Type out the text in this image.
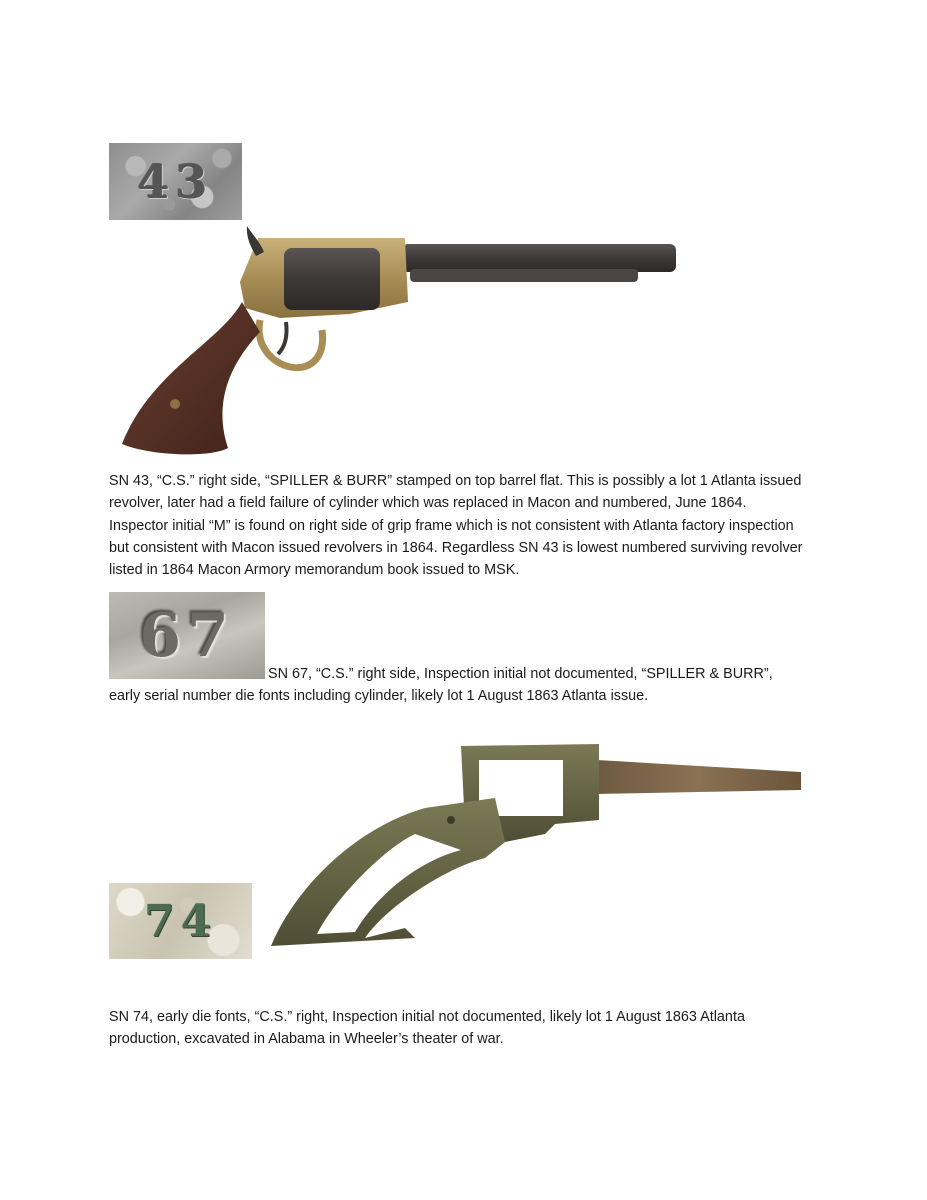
43
SN 43, “C.S.” right side, “SPILLER & BURR” stamped on top barrel flat. This is possibly a lot 1 Atlanta issued revolver, later had a field failure of cylinder which was replaced in Macon and numbered, June 1864. Inspector initial “M” is found on right side of grip frame which is not consistent with Atlanta factory inspection but consistent with Macon issued revolvers in 1864. Regardless SN 43 is lowest numbered surviving revolver listed in 1864 Macon Armory memorandum book issued to MSK.
67
SN 67, “C.S.” right side, Inspection initial not documented, “SPILLER & BURR”,
early serial number die fonts including cylinder, likely lot 1 August 1863 Atlanta issue.
74
SN 74, early die fonts, “C.S.” right, Inspection initial not documented, likely lot 1 August 1863 Atlanta production, excavated in Alabama in Wheeler’s theater of war.
